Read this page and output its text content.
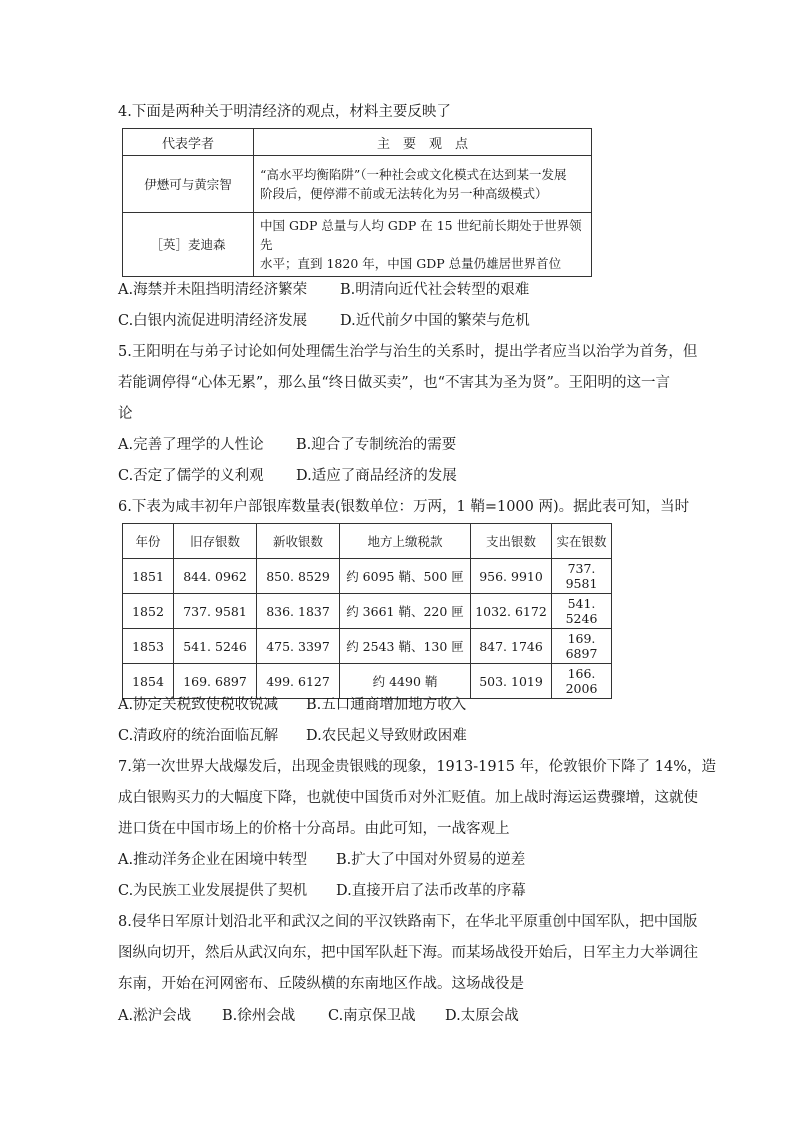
4.下面是两种关于明清经济的观点，材料主要反映了
代表学者	主　要　观　点
伊懋可与黄宗智	“高水平均衡陷阱”（一种社会或文化模式在达到某一发展
阶段后，便停滞不前或无法转化为另一种高级模式）

［英］麦迪森	中国 GDP 总量与人均 GDP 在 15 世纪前长期处于世界领先
水平；直到 1820 年，中国 GDP 总量仍雄居世界首位
A.海禁并未阻挡明清经济繁荣 B.明清向近代社会转型的艰难
C.白银内流促进明清经济发展 D.近代前夕中国的繁荣与危机
5.王阳明在与弟子讨论如何处理儒生治学与治生的关系时，提出学者应当以治学为首务，但
若能调停得“心体无累”，那么虽“终日做买卖”，也“不害其为圣为贤”。王阳明的这一言
论
A.完善了理学的人性论 B.迎合了专制统治的需要
C.否定了儒学的义利观 D.适应了商品经济的发展
6.下表为咸丰初年户部银库数量表(银数单位：万两，1 鞘=1000 两)。据此表可知，当时
年份	旧存银数	新收银数	地方上缴税款	支出银数	实在银数
1851	844. 0962	850. 8529	约 6095 鞘、500 匣	956. 9910	737. 9581
1852	737. 9581	836. 1837	约 3661 鞘、220 匣	1032. 6172	541. 5246
1853	541. 5246	475. 3397	约 2543 鞘、130 匣	847. 1746	169. 6897
1854	169. 6897	499. 6127	约 4490 鞘	503. 1019	166. 2006
A.协定关税致使税收锐减 B.五口通商增加地方收入
C.清政府的统治面临瓦解 D.农民起义导致财政困难
7.第一次世界大战爆发后，出现金贵银贱的现象，1913-1915 年，伦敦银价下降了 14%，造
成白银购买力的大幅度下降，也就使中国货币对外汇贬值。加上战时海运运费骤增，这就使
进口货在中国市场上的价格十分高昂。由此可知，一战客观上
A.推动洋务企业在困境中转型 B.扩大了中国对外贸易的逆差
C.为民族工业发展提供了契机 D.直接开启了法币改革的序幕
8.侵华日军原计划沿北平和武汉之间的平汉铁路南下，在华北平原重创中国军队，把中国版
图纵向切开，然后从武汉向东，把中国军队赶下海。而某场战役开始后，日军主力大举调往
东南，开始在河网密布、丘陵纵横的东南地区作战。这场战役是
A.淞沪会战 B.徐州会战 C.南京保卫战 D.太原会战
